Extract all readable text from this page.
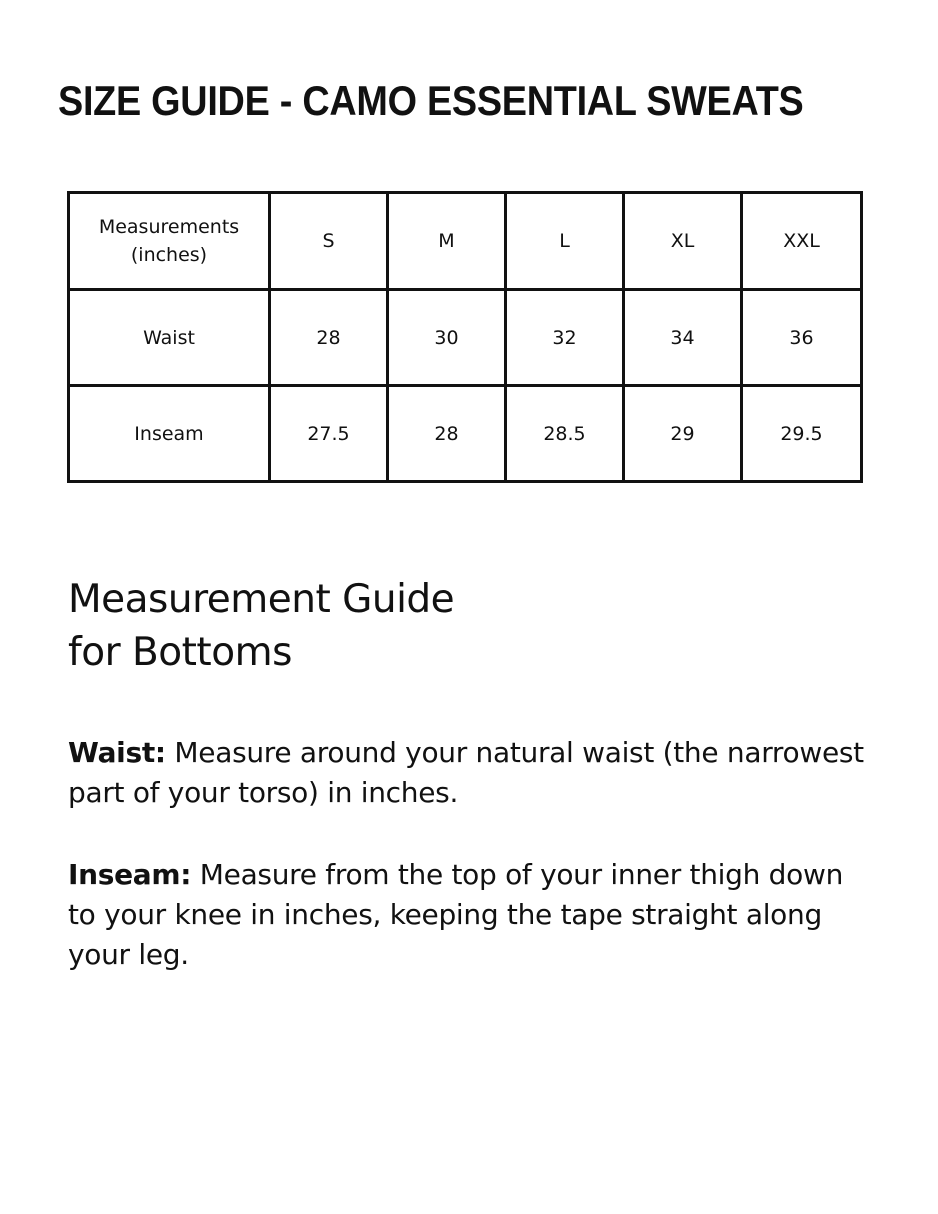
SIZE GUIDE - CAMO ESSENTIAL SWEATS
Measurements (inches)	S	M	L	XL	XXL
Waist	28	30	32	34	36
Inseam	27.5	28	28.5	29	29.5
Measurement Guide
for Bottoms

Waist: Measure around your natural waist (the narrowest part of your torso) in inches.

Inseam: Measure from the top of your inner thigh down to your knee in inches, keeping the tape straight along your leg.
